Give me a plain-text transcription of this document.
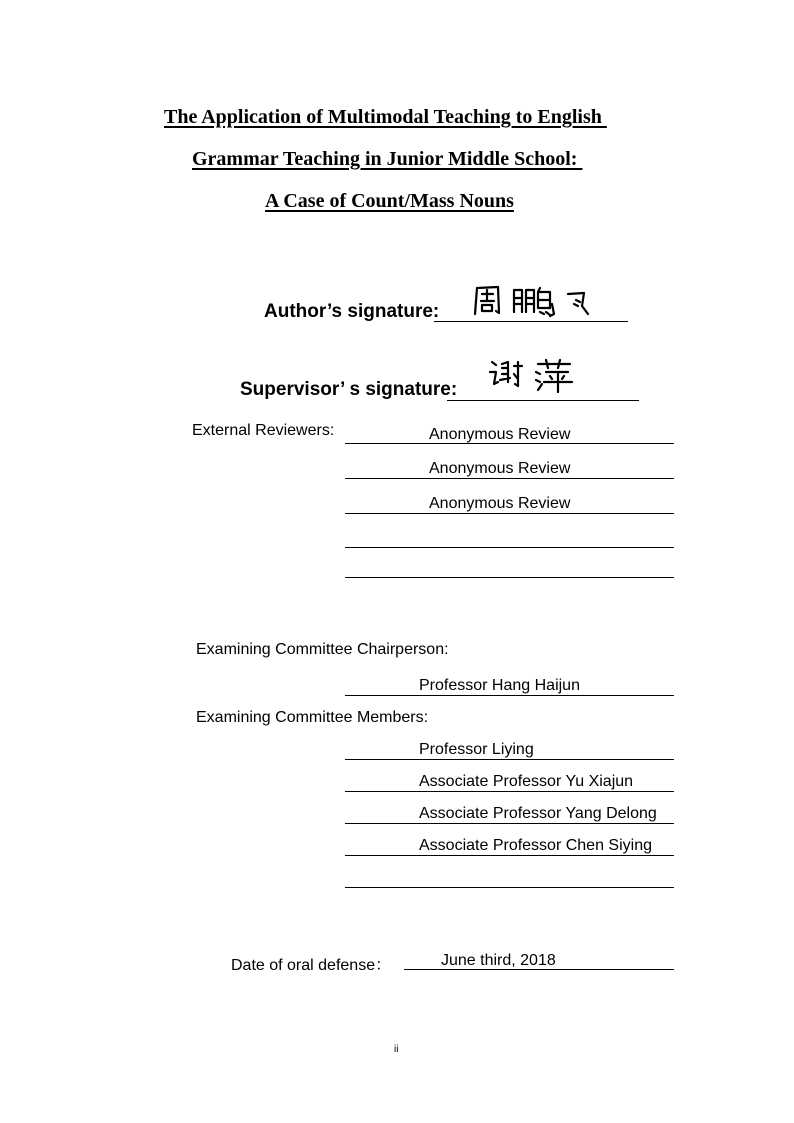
The Application of Multimodal Teaching to English
Grammar Teaching in Junior Middle School:
A Case of Count/Mass Nouns
Author’s signature:
Supervisor’ s signature:
External Reviewers:	Anonymous Review
Anonymous Review
Anonymous Review
Examining Committee Chairperson:
Professor Hang Haijun
Examining Committee Members:
Professor Liying
Associate Professor Yu Xiajun
Associate Professor Yang Delong
Associate Professor Chen Siying
Date of oral defense：	June third, 2018
ii
